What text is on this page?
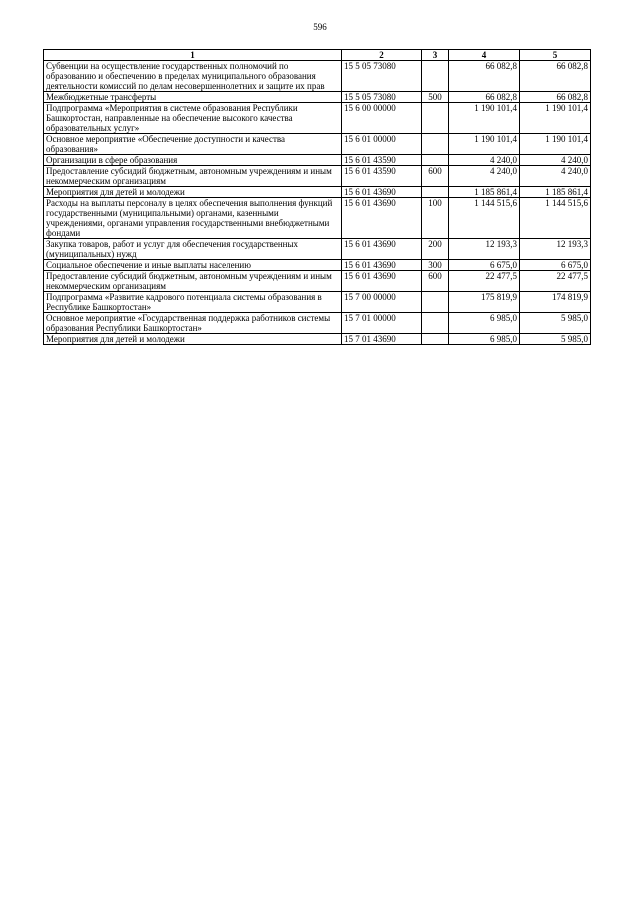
596
1	2	3	4	5
Субвенции на осуществление государственных полномочий по образованию и обеспечению в пределах муниципального образования деятельности комиссий по делам несовершеннолетних и защите их прав	15 5 05 73080		66 082,8	66 082,8
Межбюджетные трансферты	15 5 05 73080	500	66 082,8	66 082,8
Подпрограмма «Мероприятия в системе образования Республики Башкортостан, направленные на обеспечение высокого качества образовательных услуг»	15 6 00 00000		1 190 101,4	1 190 101,4
Основное мероприятие «Обеспечение доступности и качества образования»	15 6 01 00000		1 190 101,4	1 190 101,4
Организации в сфере образования	15 6 01 43590		4 240,0	4 240,0
Предоставление субсидий бюджетным, автономным учреждениям и иным некоммерческим организациям	15 6 01 43590	600	4 240,0	4 240,0
Мероприятия для детей и молодежи	15 6 01 43690		1 185 861,4	1 185 861,4
Расходы на выплаты персоналу в целях обеспечения выполнения функций государственными (муниципальными) органами, казенными учреждениями, органами управления государственными внебюджетными фондами	15 6 01 43690	100	1 144 515,6	1 144 515,6
Закупка товаров, работ и услуг для обеспечения государственных (муниципальных) нужд	15 6 01 43690	200	12 193,3	12 193,3
Социальное обеспечение и иные выплаты населению	15 6 01 43690	300	6 675,0	6 675,0
Предоставление субсидий бюджетным, автономным учреждениям и иным некоммерческим организациям	15 6 01 43690	600	22 477,5	22 477,5
Подпрограмма «Развитие кадрового потенциала системы образования в Республике Башкортостан»	15 7 00 00000		175 819,9	174 819,9
Основное мероприятие «Государственная поддержка работников системы образования Республики Башкортостан»	15 7 01 00000		6 985,0	5 985,0
Мероприятия для детей и молодежи	15 7 01 43690		6 985,0	5 985,0
